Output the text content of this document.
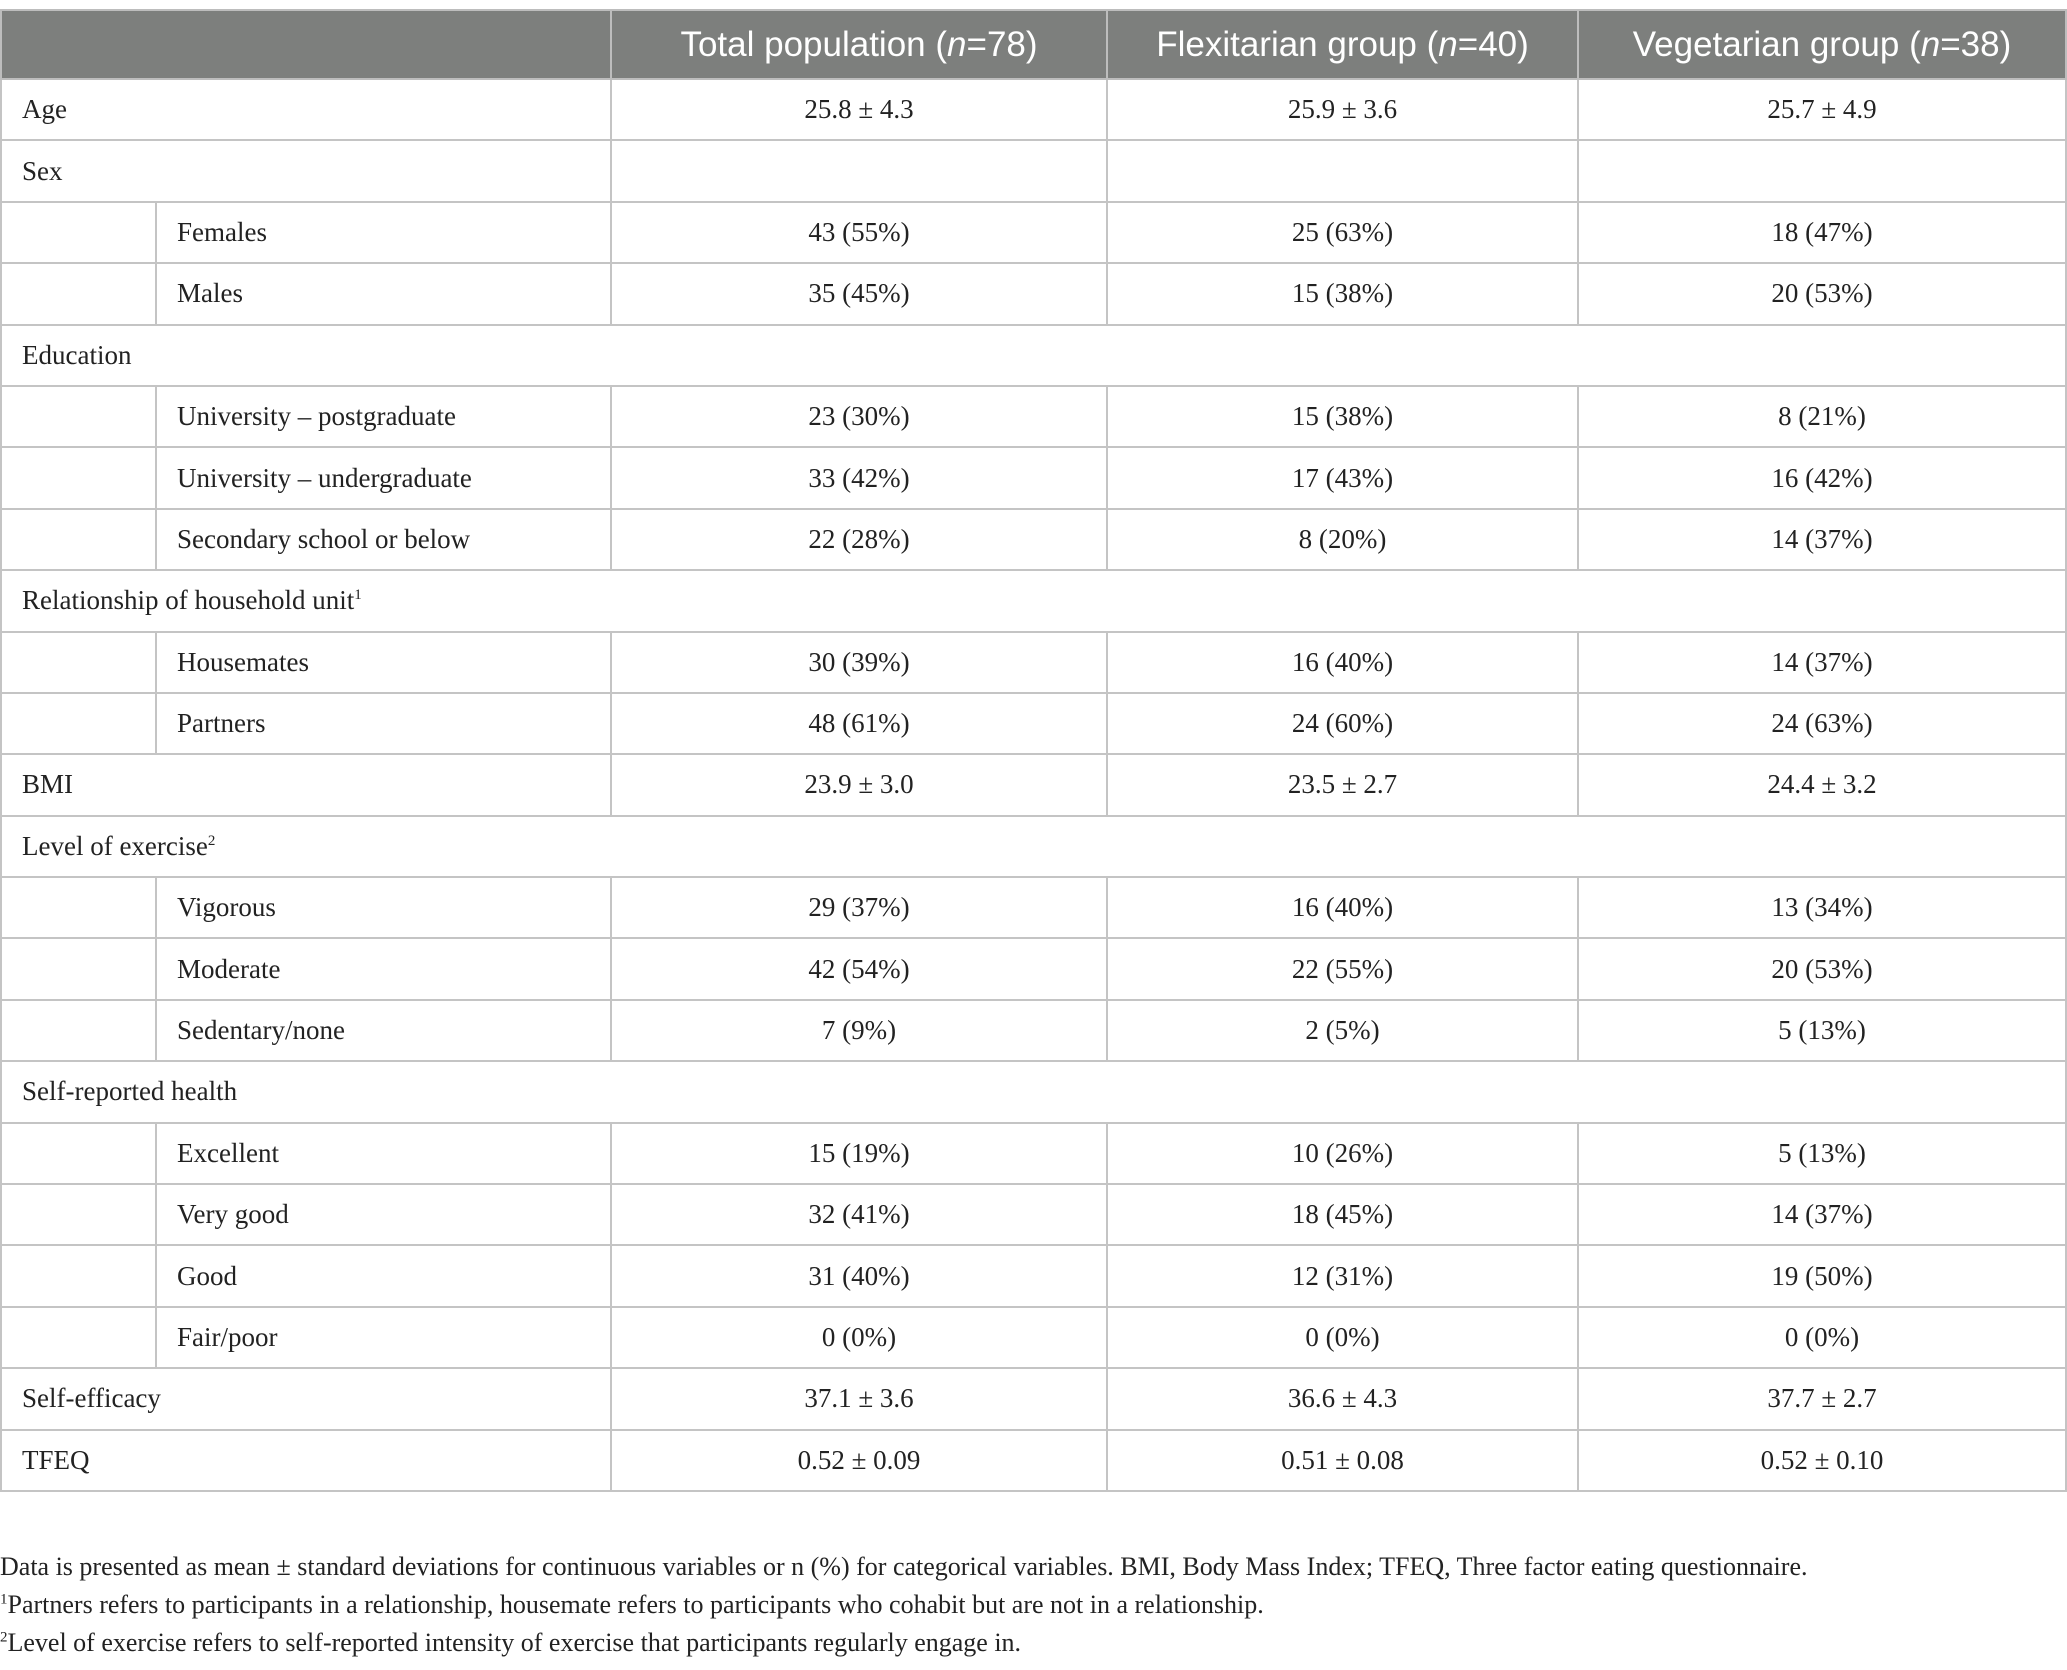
		Total population (n=78)	Flexitarian group (n=40)	Vegetarian group (n=38)
Age		25.8 ± 4.3	25.9 ± 3.6	25.7 ± 4.9
Sex				
	Females	43 (55%)	25 (63%)	18 (47%)
	Males	35 (45%)	15 (38%)	20 (53%)
Education				
	University – postgraduate	23 (30%)	15 (38%)	8 (21%)
	University – undergraduate	33 (42%)	17 (43%)	16 (42%)
	Secondary school or below	22 (28%)	8 (20%)	14 (37%)
Relationship of household unit$^1$
	Housemates	30 (39%)	16 (40%)	14 (37%)
	Partners	48 (61%)	24 (60%)	24 (63%)
BMI		23.9 ± 3.0	23.5 ± 2.7	24.4 ± 3.2
Level of exercise$^2$
	Vigorous	29 (37%)	16 (40%)	13 (34%)
	Moderate	42 (54%)	22 (55%)	20 (53%)
	Sedentary/none	7 (9%)	2 (5%)	5 (13%)
Self-reported health				
	Excellent	15 (19%)	10 (26%)	5 (13%)
	Very good	32 (41%)	18 (45%)	14 (37%)
	Good	31 (40%)	12 (31%)	19 (50%)
	Fair/poor	0 (0%)	0 (0%)	0 (0%)
Self-efficacy		37.1 ± 3.6	36.6 ± 4.3	37.7 ± 2.7
TFEQ		0.52 ± 0.09	0.51 ± 0.08	0.52 ± 0.10

Data is presented as mean ± standard deviations for continuous variables or n (%) for categorical variables. BMI, Body Mass Index; TFEQ, Three factor eating questionnaire.

$^1$Partners refers to participants in a relationship, housemate refers to participants who cohabit but are not in a relationship.

$^2$Level of exercise refers to self-reported intensity of exercise that participants regularly engage in.
